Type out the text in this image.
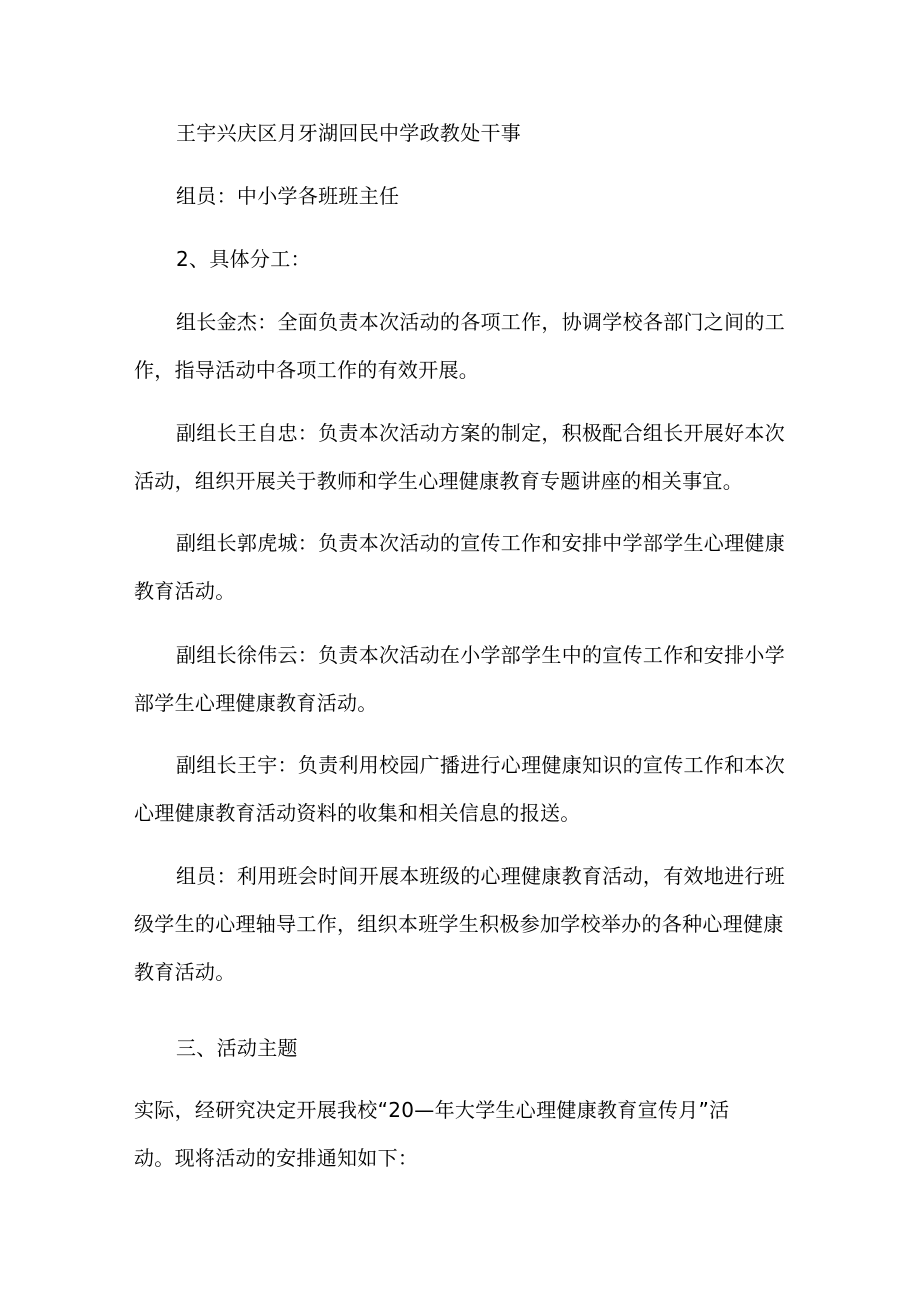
王宇兴庆区月牙湖回民中学政教处干事
组员：中小学各班班主任
2、具体分工：
组长金杰：全面负责本次活动的各项工作，协调学校各部门之间的工
作，指导活动中各项工作的有效开展。
副组长王自忠：负责本次活动方案的制定，积极配合组长开展好本次
活动，组织开展关于教师和学生心理健康教育专题讲座的相关事宜。
副组长郭虎城：负责本次活动的宣传工作和安排中学部学生心理健康
教育活动。
副组长徐伟云：负责本次活动在小学部学生中的宣传工作和安排小学
部学生心理健康教育活动。
副组长王宇：负责利用校园广播进行心理健康知识的宣传工作和本次
心理健康教育活动资料的收集和相关信息的报送。
组员：利用班会时间开展本班级的心理健康教育活动，有效地进行班
级学生的心理轴导工作，组织本班学生积极参加学校举办的各种心理健康
教育活动。
三、活动主题
实际，经研究决定开展我校“20—年大学生心理健康教育宣传月”活
动。现将活动的安排通知如下：
